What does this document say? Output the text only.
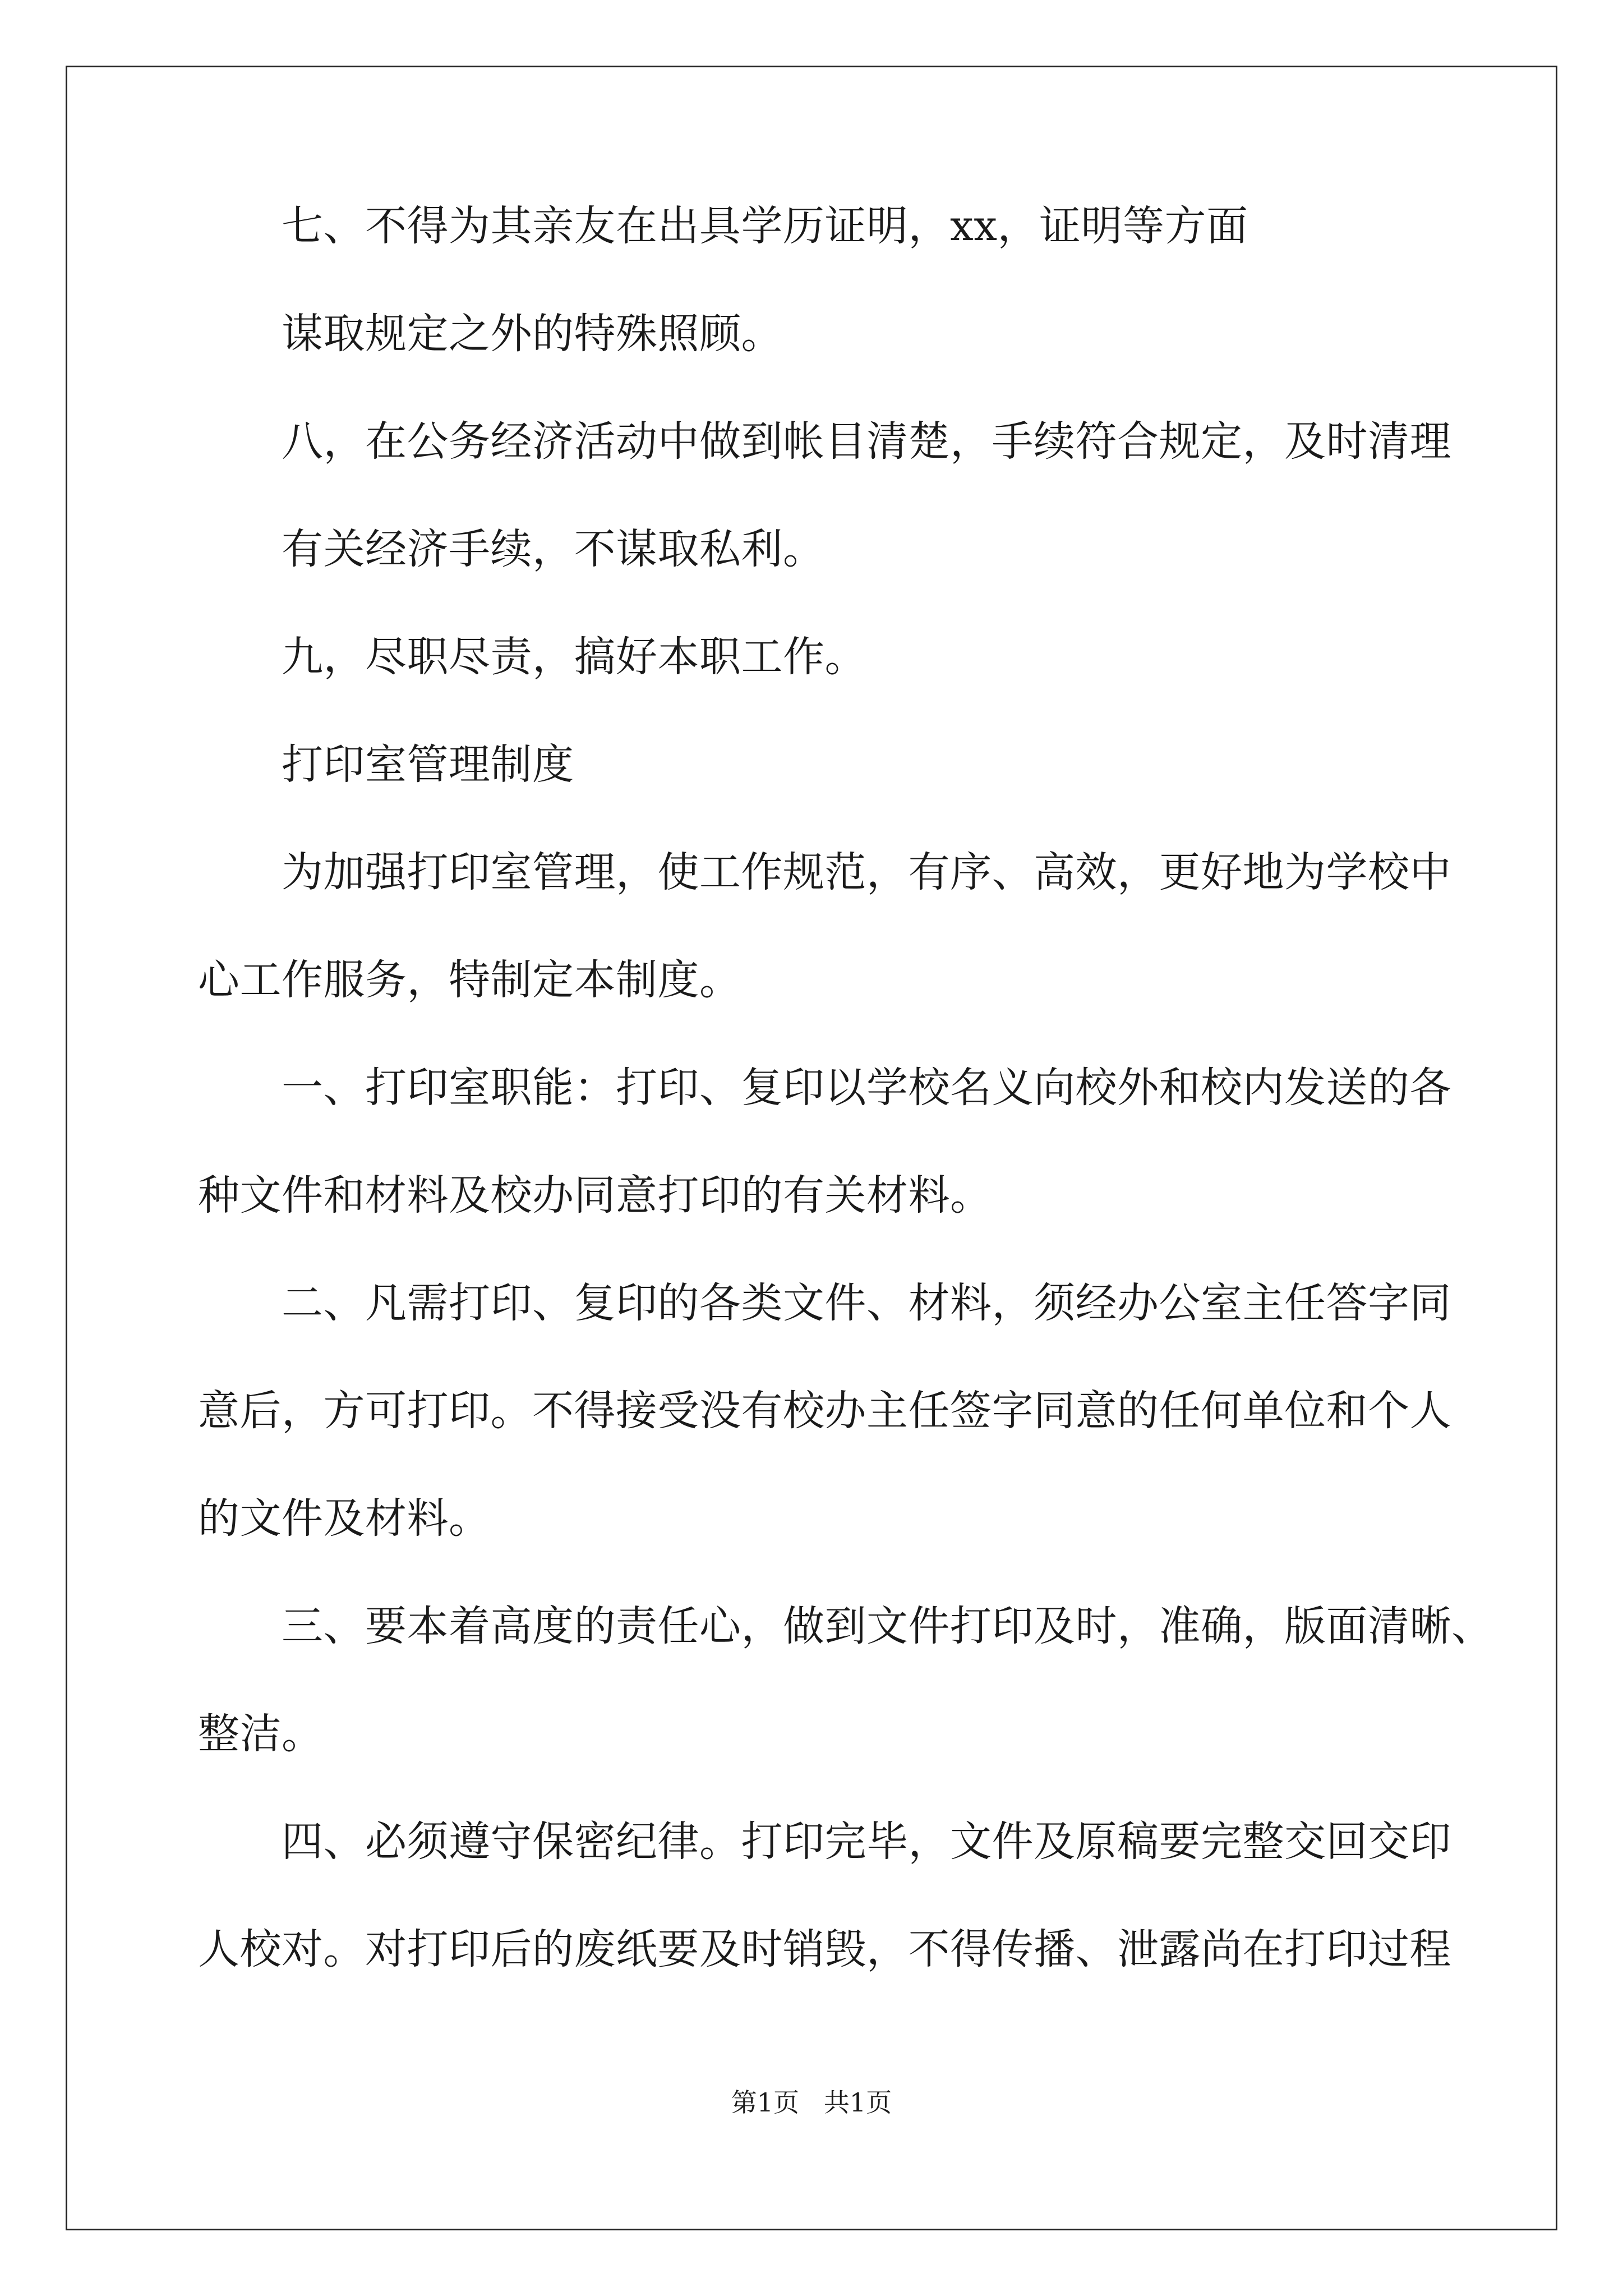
七、不得为其亲友在出具学历证明，xx，证明等方面
谋取规定之外的特殊照顾。
八，在公务经济活动中做到帐目清楚，手续符合规定，及时清理
有关经济手续，不谋取私利。
九，尽职尽责，搞好本职工作。
打印室管理制度
为加强打印室管理，使工作规范，有序、高效，更好地为学校中
心工作服务，特制定本制度。
一、打印室职能：打印、复印以学校名义向校外和校内发送的各
种文件和材料及校办同意打印的有关材料。
二、凡需打印、复印的各类文件、材料，须经办公室主任答字同
意后，方可打印。不得接受没有校办主任签字同意的任何单位和个人
的文件及材料。
三、要本着高度的责任心，做到文件打印及时，准确，版面清晰、
整洁。
四、必须遵守保密纪律。打印完毕，文件及原稿要完整交回交印
人校对。对打印后的废纸要及时销毁，不得传播、泄露尚在打印过程
第1页   共1页
